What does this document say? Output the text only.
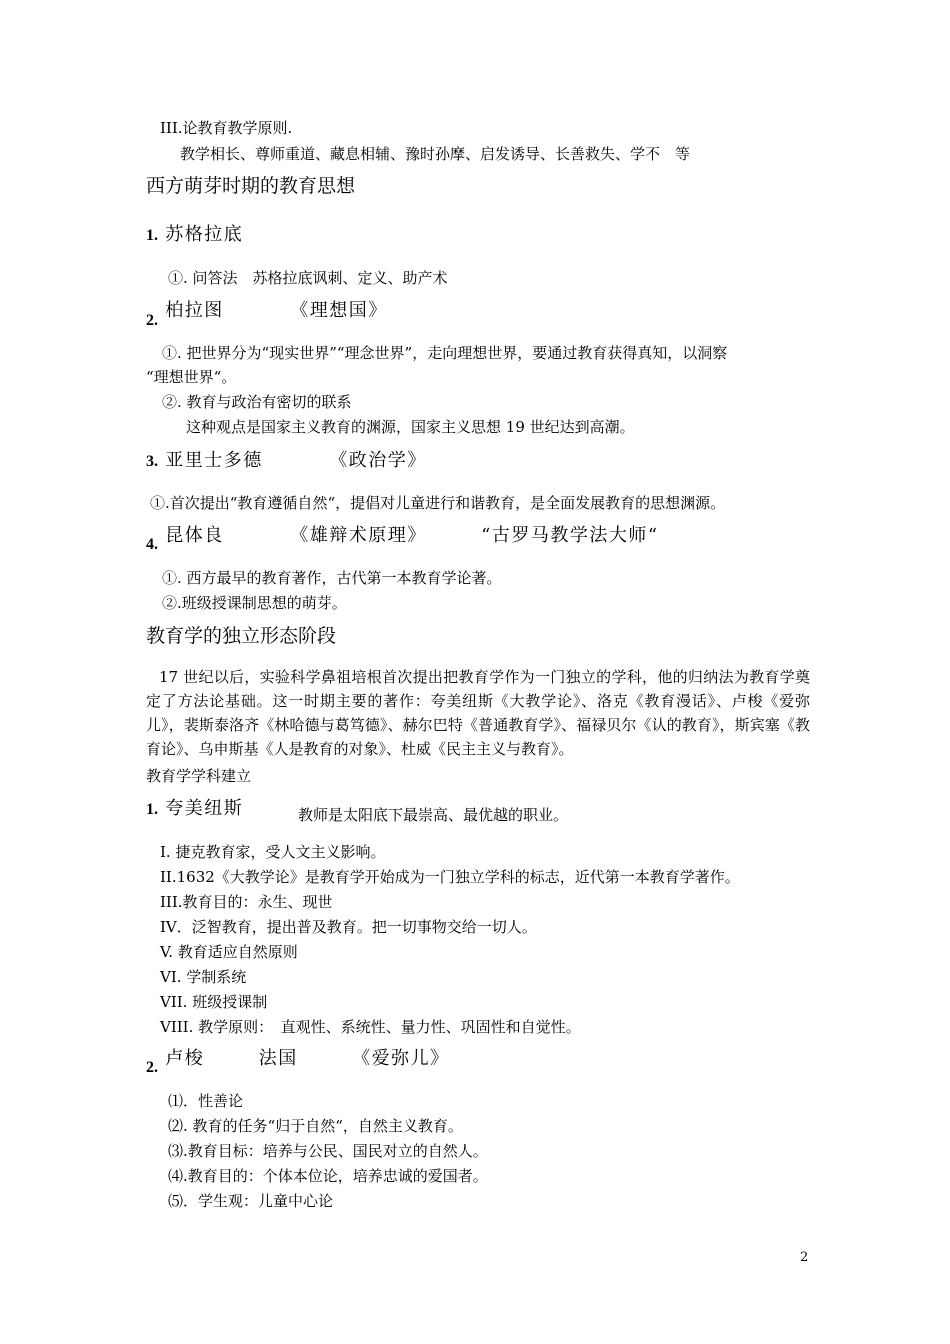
III.论教育教学原则.
教学相长、尊师重道、藏息相辅、豫时孙摩、启发诱导、长善救失、学不　等
西方萌芽时期的教育思想
1. 苏格拉底
①. 问答法　苏格拉底讽刺、定义、助产术
2. 柏拉图	《理想国》
①. 把世界分为“现实世界”“理念世界”，走向理想世界，要通过教育获得真知，以洞察
“理想世界“。
②. 教育与政治有密切的联系
这种观点是国家主义教育的渊源，国家主义思想 19 世纪达到高潮。
3. 亚里士多德	《政治学》
①.首次提出“教育遵循自然“，提倡对儿童进行和谐教育，是全面发展教育的思想渊源。
4. 昆体良	《雄辩术原理》	“古罗马教学法大师“
①. 西方最早的教育著作，古代第一本教育学论著。
②.班级授课制思想的萌芽。
教育学的独立形态阶段
17 世纪以后，实验科学鼻祖培根首次提出把教育学作为一门独立的学科，他的归纳法为教育学奠定了方法论基础。这一时期主要的著作：夸美纽斯《大教学论》、洛克《教育漫话》、卢梭《爱弥儿》，裴斯泰洛齐《林哈德与葛笃德》、赫尔巴特《普通教育学》、福禄贝尔《认的教育》，斯宾塞《教育论》、乌申斯基《人是教育的对象》、杜威《民主主义与教育》。
教育学学科建立
1. 夸美纽斯	教师是太阳底下最崇高、最优越的职业。
I. 捷克教育家，受人文主义影响。
II.1632《大教学论》是教育学开始成为一门独立学科的标志，近代第一本教育学著作。
III.教育目的：永生、现世
IV．泛智教育，提出普及教育。把一切事物交给一切人。
V. 教育适应自然原则
VI. 学制系统
VII. 班级授课制
VIII. 教学原则：　直观性、系统性、量力性、巩固性和自觉性。
2. 卢梭	法国	《爱弥儿》
⑴．性善论
⑵. 教育的任务“归于自然“，自然主义教育。
⑶.教育目标：培养与公民、国民对立的自然人。
⑷.教育目的：个体本位论，培养忠诚的爱国者。
⑸．学生观：儿童中心论
2
